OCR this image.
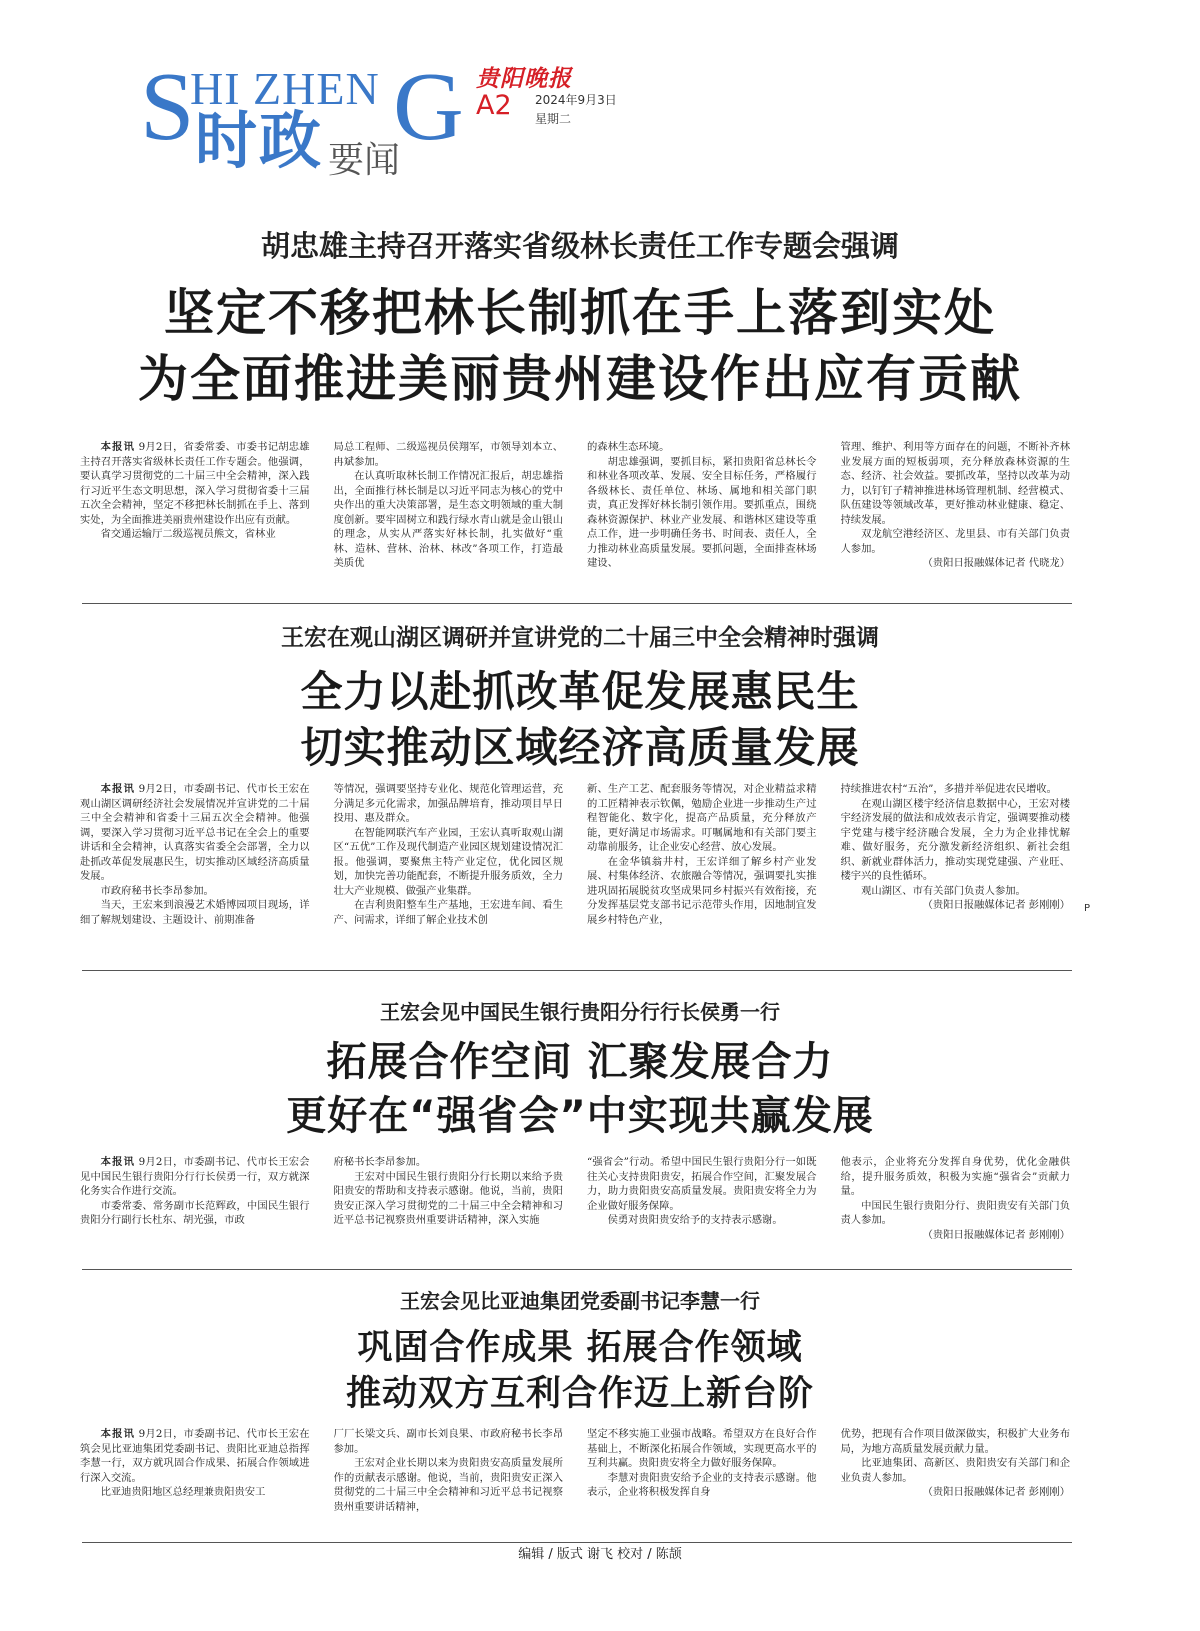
S
HI ZHEN G
时政 要闻
贵阳晚报
A2 2024年9月3日
星期二
胡忠雄主持召开落实省级林长责任工作专题会强调
坚定不移把林长制抓在手上落到实处
为全面推进美丽贵州建设作出应有贡献

本报讯 9月2日，省委常委、市委书记胡忠雄主持召开落实省级林长责任工作专题会。他强调，要认真学习贯彻党的二十届三中全会精神，深入践行习近平生态文明思想，深入学习贯彻省委十三届五次全会精神，坚定不移把林长制抓在手上、落到实处，为全面推进美丽贵州建设作出应有贡献。

省交通运输厅二级巡视员熊文，省林业

局总工程师、二级巡视员侯翔军，市领导刘本立、冉斌参加。

在认真听取林长制工作情况汇报后，胡忠雄指出，全面推行林长制是以习近平同志为核心的党中央作出的重大决策部署，是生态文明领域的重大制度创新。要牢固树立和践行绿水青山就是金山银山的理念，从实从严落实好林长制，扎实做好“重林、造林、营林、治林、林改”各项工作，打造最美质优

的森林生态环境。

胡忠雄强调，要抓目标，紧扣贵阳省总林长令和林业各项改革、发展、安全目标任务，严格履行各级林长、责任单位、林场、属地和相关部门职责，真正发挥好林长制引领作用。要抓重点，围绕森林资源保护、林业产业发展、和谐林区建设等重点工作，进一步明确任务书、时间表、责任人，全力推动林业高质量发展。要抓问题，全面排查林场建设、

管理、维护、利用等方面存在的问题，不断补齐林业发展方面的短板弱项，充分释放森林资源的生态、经济、社会效益。要抓改革，坚持以改革为动力，以钉钉子精神推进林场管理机制、经营模式、队伍建设等领域改革，更好推动林业健康、稳定、持续发展。

双龙航空港经济区、龙里县、市有关部门负责人参加。

（贵阳日报融媒体记者 代晓龙）

王宏在观山湖区调研并宣讲党的二十届三中全会精神时强调
全力以赴抓改革促发展惠民生
切实推动区域经济高质量发展

本报讯 9月2日，市委副书记、代市长王宏在观山湖区调研经济社会发展情况并宣讲党的二十届三中全会精神和省委十三届五次全会精神。他强调，要深入学习贯彻习近平总书记在全会上的重要讲话和全会精神，认真落实省委全会部署，全力以赴抓改革促发展惠民生，切实推动区域经济高质量发展。

市政府秘书长李昂参加。

当天，王宏来到浪漫艺术婚博园项目现场，详细了解规划建设、主题设计、前期准备

等情况，强调要坚持专业化、规范化管理运营，充分满足多元化需求，加强品牌培育，推动项目早日投用、惠及群众。

在智能网联汽车产业园，王宏认真听取观山湖区“五优”工作及现代制造产业园区规划建设情况汇报。他强调，要聚焦主特产业定位，优化园区规划，加快完善功能配套，不断提升服务质效，全力壮大产业规模、做强产业集群。

在吉利贵阳整车生产基地，王宏进车间、看生产、问需求，详细了解企业技术创

新、生产工艺、配套服务等情况，对企业精益求精的工匠精神表示钦佩，勉励企业进一步推动生产过程智能化、数字化，提高产品质量，充分释放产能，更好满足市场需求。叮嘱属地和有关部门要主动靠前服务，让企业安心经营、放心发展。

在金华镇翁井村，王宏详细了解乡村产业发展、村集体经济、农旅融合等情况，强调要扎实推进巩固拓展脱贫攻坚成果同乡村振兴有效衔接，充分发挥基层党支部书记示范带头作用，因地制宜发展乡村特色产业，

持续推进农村“五治”，多措并举促进农民增收。

在观山湖区楼宇经济信息数据中心，王宏对楼宇经济发展的做法和成效表示肯定，强调要推动楼宇党建与楼宇经济融合发展，全力为企业排忧解难、做好服务，充分激发新经济组织、新社会组织、新就业群体活力，推动实现党建强、产业旺、楼宇兴的良性循环。

观山湖区、市有关部门负责人参加。

（贵阳日报融媒体记者 彭刚刚） P
王宏会见中国民生银行贵阳分行行长侯勇一行
拓展合作空间 汇聚发展合力
更好在“强省会”中实现共赢发展

本报讯 9月2日，市委副书记、代市长王宏会见中国民生银行贵阳分行行长侯勇一行，双方就深化务实合作进行交流。

市委常委、常务副市长范辉政，中国民生银行贵阳分行副行长杜东、胡光强，市政

府秘书长李昂参加。

王宏对中国民生银行贵阳分行长期以来给予贵阳贵安的帮助和支持表示感谢。他说，当前，贵阳贵安正深入学习贯彻党的二十届三中全会精神和习近平总书记视察贵州重要讲话精神，深入实施

“强省会”行动。希望中国民生银行贵阳分行一如既往关心支持贵阳贵安，拓展合作空间，汇聚发展合力，助力贵阳贵安高质量发展。贵阳贵安将全力为企业做好服务保障。

侯勇对贵阳贵安给予的支持表示感谢。

他表示，企业将充分发挥自身优势，优化金融供给，提升服务质效，积极为实施“强省会”贡献力量。

中国民生银行贵阳分行、贵阳贵安有关部门负责人参加。

（贵阳日报融媒体记者 彭刚刚）

王宏会见比亚迪集团党委副书记李慧一行
巩固合作成果 拓展合作领域
推动双方互利合作迈上新台阶

本报讯 9月2日，市委副书记、代市长王宏在筑会见比亚迪集团党委副书记、贵阳比亚迪总指挥李慧一行，双方就巩固合作成果、拓展合作领域进行深入交流。

比亚迪贵阳地区总经理兼贵阳贵安工

厂厂长梁文兵、副市长刘良果、市政府秘书长李昂参加。

王宏对企业长期以来为贵阳贵安高质量发展所作的贡献表示感谢。他说，当前，贵阳贵安正深入贯彻党的二十届三中全会精神和习近平总书记视察贵州重要讲话精神，

坚定不移实施工业强市战略。希望双方在良好合作基础上，不断深化拓展合作领域，实现更高水平的互利共赢。贵阳贵安将全力做好服务保障。

李慧对贵阳贵安给予企业的支持表示感谢。他表示，企业将积极发挥自身

优势，把现有合作项目做深做实，积极扩大业务布局，为地方高质量发展贡献力量。

比亚迪集团、高新区、贵阳贵安有关部门和企业负责人参加。

（贵阳日报融媒体记者 彭刚刚）

编辑 / 版式 谢飞 校对 / 陈颉
